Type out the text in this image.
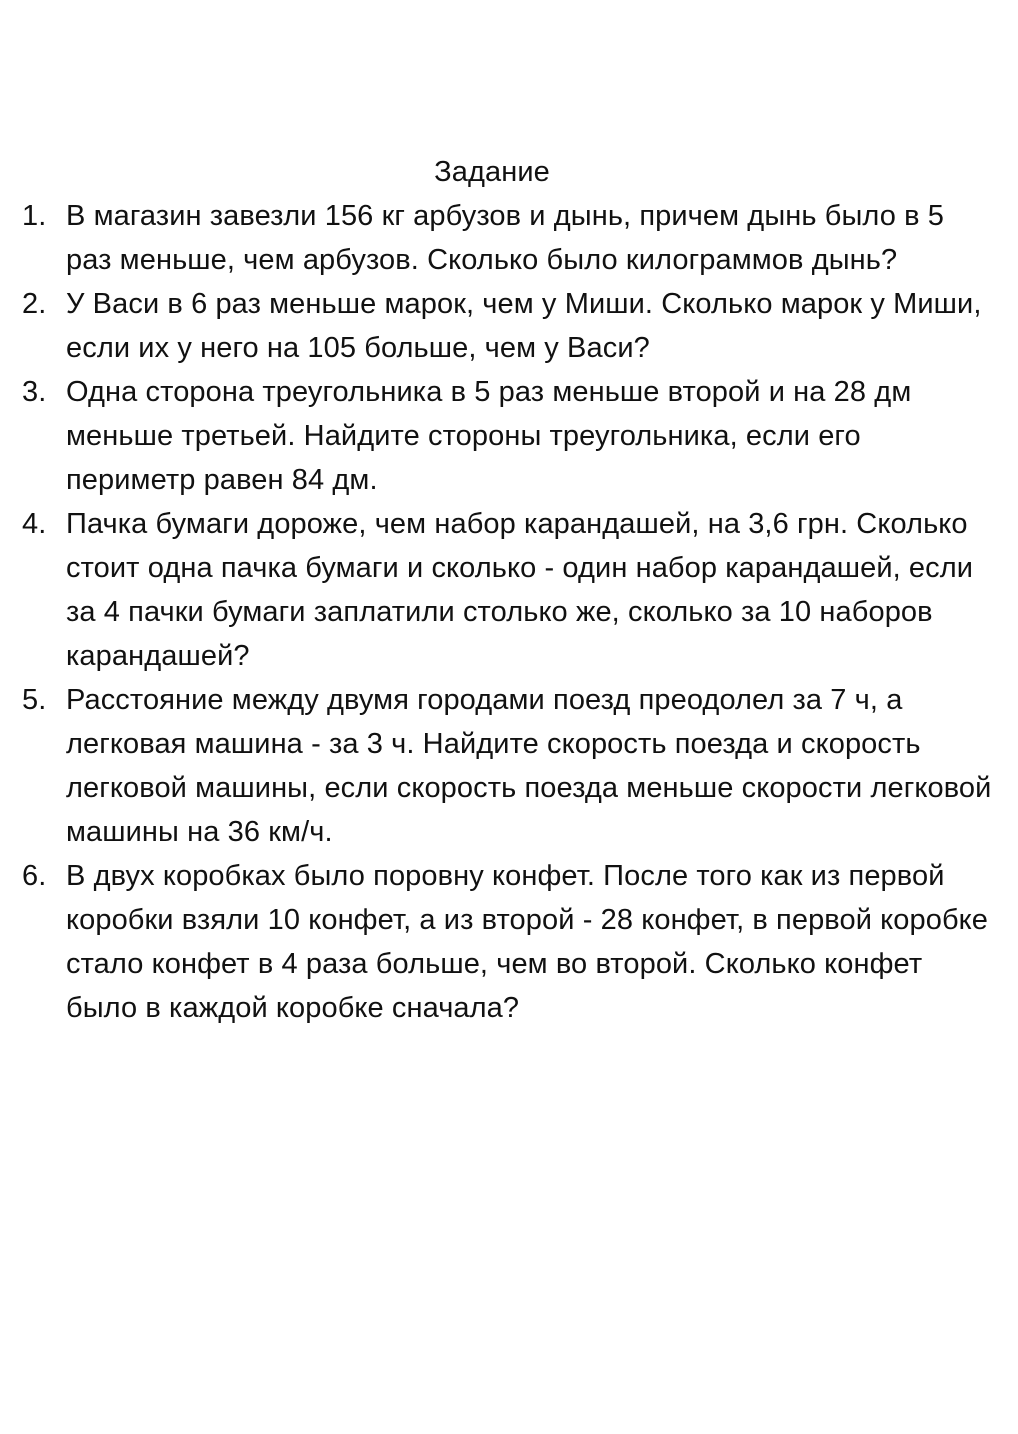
Задание
1. В магазин завезли 156 кг арбузов и дынь, причем дынь было в 5 раз меньше, чем арбузов. Сколько было килограммов дынь?
2. У Васи в 6 раз меньше марок, чем у Миши. Сколько марок у Миши, если их у него на 105 больше, чем у Васи?
3. Одна сторона треугольника в 5 раз меньше второй и на 28 дм меньше третьей. Найдите стороны треугольника, если его периметр равен 84 дм.
4. Пачка бумаги дороже, чем набор карандашей, на 3,6 грн. Сколько стоит одна пачка бумаги и сколько - один набор карандашей, если за 4 пачки бумаги заплатили столько же, сколько за 10 наборов карандашей?
5. Расстояние между двумя городами поезд преодолел за 7 ч, а легковая машина - за 3 ч. Найдите скорость поезда и скорость легковой машины, если скорость поезда меньше скорости легковой машины на 36 км/ч.
6. В двух коробках было поровну конфет. После того как из первой коробки взяли 10 конфет, а из второй - 28 конфет, в первой коробке стало конфет в 4 раза больше, чем во второй. Сколько конфет было в каждой коробке сначала?
